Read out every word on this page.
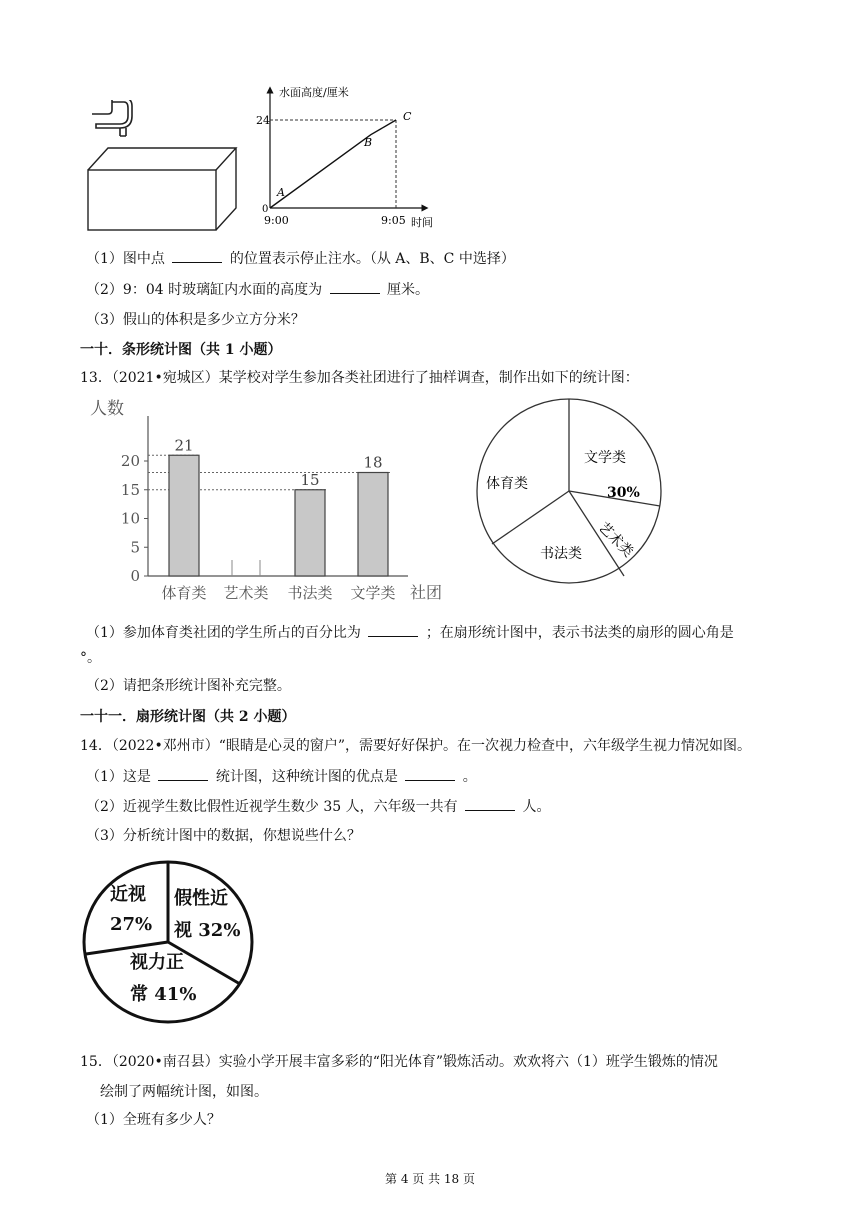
水面高度/厘米
24
0
9:00	9:05 时间
A
B
C
（1）图中点	的位置表示停止注水。（从 A、B、C 中选择）
（2）9：04 时玻璃缸内水面的高度为	厘米。
（3）假山的体积是多少立方分米？
一十．条形统计图（共 1 小题）
13．（2021•宛城区）某学校对学生参加各类社团进行了抽样调查，制作出如下的统计图：
人数
社团
0
5
10
15
20
体育类
21
艺术类 书法类
15
文学类
18	文学类
30%
艺术类
书法类
体育类
（1）参加体育类社团的学生所占的百分比为	；在扇形统计图中，表示书法类的扇形的圆心角是
°。
（2）请把条形统计图补充完整。
一十一．扇形统计图（共 2 小题）
14．（2022•邓州市）“眼睛是心灵的窗户”，需要好好保护。在一次视力检查中，六年级学生视力情况如图。
（1）这是	统计图，这种统计图的优点是	。
（2）近视学生数比假性近视学生数少 35 人，六年级一共有	人。
（3）分析统计图中的数据，你想说些什么？
近视
27%
假性近
视 32%
视力正
常 41%
15．（2020•南召县）实验小学开展丰富多彩的“阳光体育”锻炼活动。欢欢将六（1）班学生锻炼的情况
绘制了两幅统计图，如图。
（1）全班有多少人？
第 4 页 共 18 页
